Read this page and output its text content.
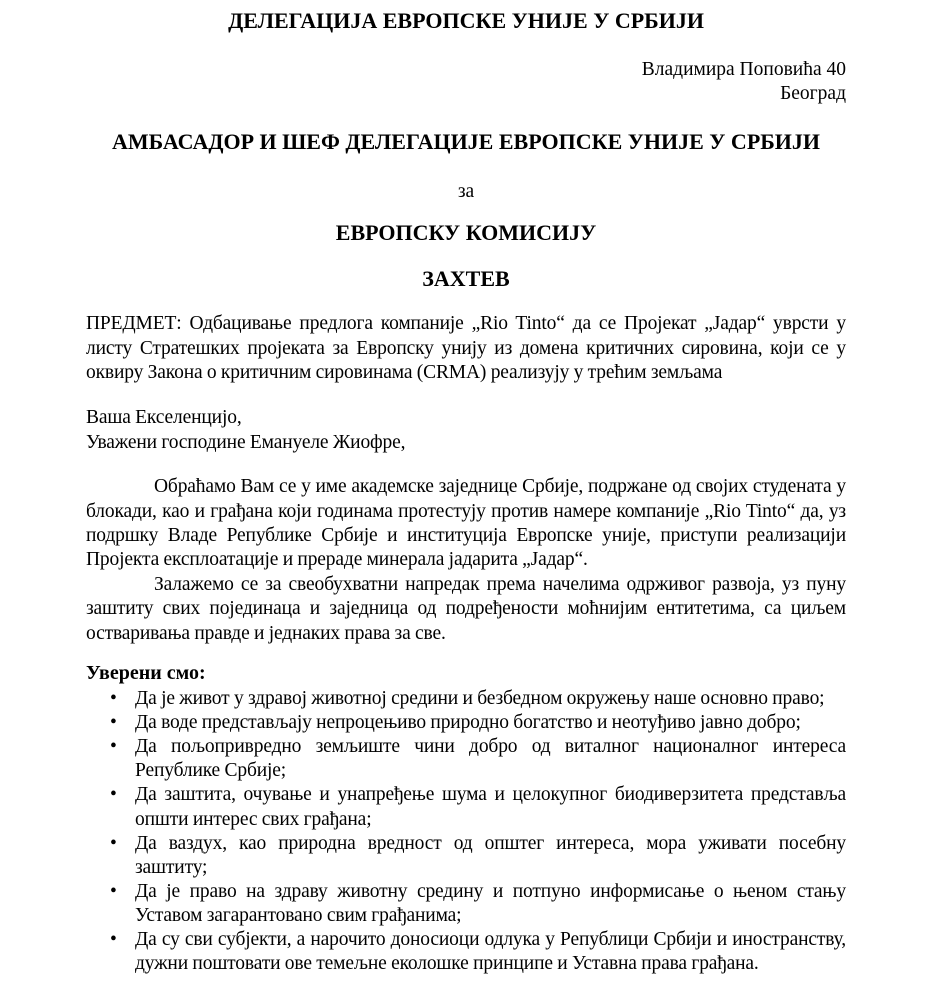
ДЕЛЕГАЦИЈА ЕВРОПСКЕ УНИЈЕ У СРБИЈИ
Владимира Поповића 40
Београд
АМБАСАДОР И ШЕФ ДЕЛЕГАЦИЈЕ ЕВРОПСКЕ УНИЈЕ У СРБИЈИ
за
ЕВРОПСКУ КОМИСИЈУ
ЗАХТЕВ

ПРЕДМЕТ: Одбацивање предлога компаније „Rio Tinto“ да се Пројекат „Јадар“ уврсти у листу Стратешких пројеката за Европску унију из домена критичних сировина, који се у оквиру Закона о критичним сировинама (CRMA) реализују у трећим земљама

Ваша Екселенцијо,
Уважени господине Емануеле Жиофре,

Обраћамо Вам се у име академске заједнице Србије, подржане од својих студената у блокади, као и грађана који годинама протестују против намере компаније „Rio Tinto“ да, уз подршку Владе Републике Србије и институција Европске уније, приступи реализацији Пројекта експлоатације и прераде минерала јадарита „Јадар“.

Залажемо се за свеобухватни напредак према начелима одрживог развоја, уз пуну заштиту свих појединаца и заједница од подређености моћнијим ентитетима, са циљем остваривања правде и једнаких права за све.

Уверени смо:
• Да је живот у здравој животној средини и безбедном окружењу наше основно право;
• Да воде представљају непроцењиво природно богатство и неотуђиво јавно добро;
• Да пољопривредно земљиште чини добро од виталног националног интереса Републике Србије;
• Да заштита, очување и унапређење шума и целокупног биодиверзитета представља општи интерес свих грађана;
• Да ваздух, као природна вредност од општег интереса, мора уживати посебну заштиту;
• Да је право на здраву животну средину и потпуно информисање о њеном стању Уставом загарантовано свим грађанима;
• Да су сви субјекти, а нарочито доносиоци одлука у Републици Србији и иностранству, дужни поштовати ове темељне еколошке принципе и Уставна права грађана.
